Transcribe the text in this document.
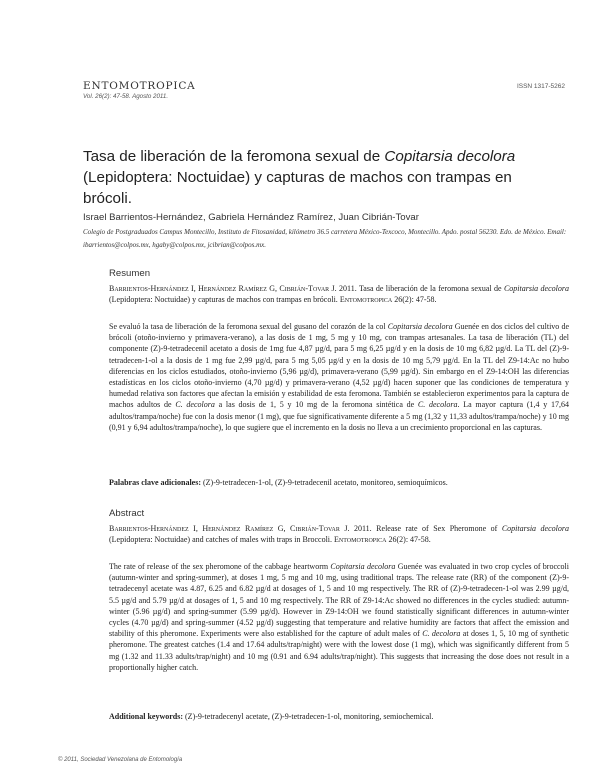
ENTOMOTROPICA
Vol. 26(2): 47-58. Agosto 2011.
ISSN 1317-5262
Tasa de liberación de la feromona sexual de Copitarsia decolora (Lepidoptera: Noctuidae) y capturas de machos con trampas en brócoli.
Israel Barrientos-Hernández, Gabriela Hernández Ramírez, Juan Cibrián-Tovar
Colegio de Postgraduados Campus Montecillo, Instituto de Fitosanidad, kilómetro 36.5 carretera México-Texcoco, Montecillo. Apdo. postal 56230. Edo. de México. Email: ibarrientos@colpos.mx, hgaby@colpos.mx, jcibrian@colpos.mx.
Resumen
Barrientos-Hernández I, Hernández Ramírez G, Cibrián-Tovar J. 2011. Tasa de liberación de la feromona sexual de Copitarsia decolora (Lepidoptera: Noctuidae) y capturas de machos con trampas en brócoli. Entomotropica 26(2): 47-58.

Se evaluó la tasa de liberación de la feromona sexual del gusano del corazón de la col Copitarsia decolora Guenée en dos ciclos del cultivo de brócoli (otoño-invierno y primavera-verano), a las dosis de 1 mg, 5 mg y 10 mg, con trampas artesanales. La tasa de liberación (TL) del componente (Z)-9-tetradecenil acetato a dosis de 1mg fue 4,87 µg/d, para 5 mg 6,25 µg/d y en la dosis de 10 mg 6,82 µg/d. La TL del (Z)-9-tetradecen-1-ol a la dosis de 1 mg fue 2,99 µg/d, para 5 mg 5,05 µg/d y en la dosis de 10 mg 5,79 µg/d. En la TL del Z9-14:Ac no hubo diferencias en los ciclos estudiados, otoño-invierno (5,96 µg/d), primavera-verano (5,99 µg/d). Sin embargo en el Z9-14:OH las diferencias estadísticas en los ciclos otoño-invierno (4,70 µg/d) y primavera-verano (4,52 µg/d) hacen suponer que las condiciones de temperatura y humedad relativa son factores que afectan la emisión y estabilidad de esta feromona. También se establecieron experimentos para la captura de machos adultos de C. decolora a las dosis de 1, 5 y 10 mg de la feromona sintética de C. decolora. La mayor captura (1,4 y 17,64 adultos/trampa/noche) fue con la dosis menor (1 mg), que fue significativamente diferente a 5 mg (1,32 y 11,33 adultos/trampa/noche) y 10 mg (0,91 y 6,94 adultos/trampa/noche), lo que sugiere que el incremento en la dosis no lleva a un crecimiento proporcional en las capturas.

Palabras clave adicionales: (Z)-9-tetradecen-1-ol, (Z)-9-tetradecenil acetato, monitoreo, semioquímicos.
Abstract
Barrientos-Hernández I, Hernández Ramírez G, Cibrián-Tovar J. 2011. Release rate of Sex Pheromone of Copitarsia decolora (Lepidoptera: Noctuidae) and catches of males with traps in Broccoli. Entomotropica 26(2): 47-58.

The rate of release of the sex pheromone of the cabbage heartworm Copitarsia decolora Guenée was evaluated in two crop cycles of broccoli (autumn-winter and spring-summer), at doses 1 mg, 5 mg and 10 mg, using traditional traps. The release rate (RR) of the component (Z)-9-tetradecenyl acetate was 4.87, 6.25 and 6.82 µg/d at dosages of 1, 5 and 10 mg respectively. The RR of (Z)-9-tetradecen-1-ol was 2.99 µg/d, 5.5 µg/d and 5.79 µg/d at dosages of 1, 5 and 10 mg respectively. The RR of Z9-14:Ac showed no differences in the cycles studied: autumn-winter (5.96 µg/d) and spring-summer (5.99 µg/d). However in Z9-14:OH we found statistically significant differences in autumn-winter cycles (4.70 µg/d) and spring-summer (4.52 µg/d) suggesting that temperature and relative humidity are factors that affect the emission and stability of this pheromone. Experiments were also established for the capture of adult males of C. decolora at doses 1, 5, 10 mg of synthetic pheromone. The greatest catches (1.4 and 17.64 adults/trap/night) were with the lowest dose (1 mg), which was significantly different from 5 mg (1.32 and 11.33 adults/trap/night) and 10 mg (0.91 and 6.94 adults/trap/night). This suggests that increasing the dose does not result in a proportionally higher catch.

Additional keywords: (Z)-9-tetradecenyl acetate, (Z)-9-tetradecen-1-ol, monitoring, semiochemical.
© 2011, Sociedad Venezolana de Entomología
